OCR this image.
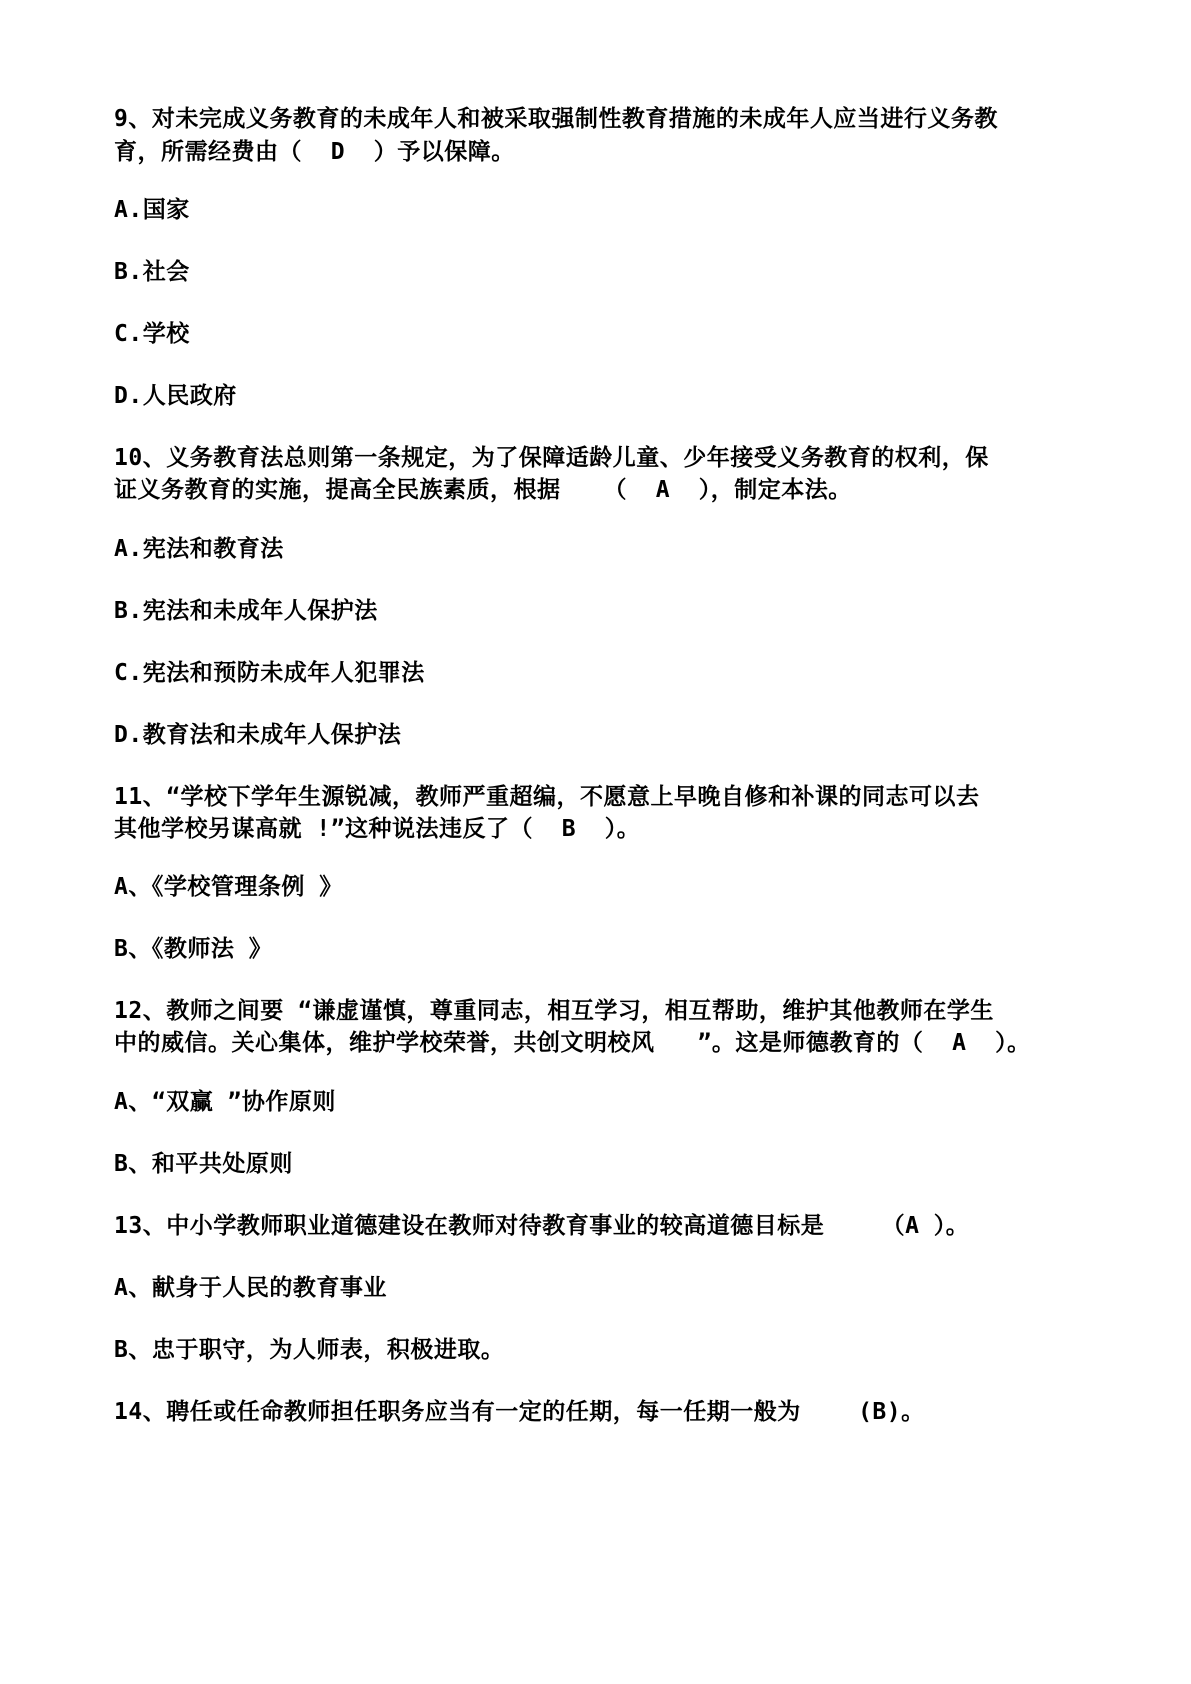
9、对未完成义务教育的未成年人和被采取强制性教育措施的未成年人应当进行义务教

育，所需经费由（  D  ）予以保障。

A.国家

B.社会

C.学校

D.人民政府

10、义务教育法总则第一条规定，为了保障适龄儿童、少年接受义务教育的权利，保

证义务教育的实施，提高全民族素质，根据   （  A  ），制定本法。

A.宪法和教育法

B.宪法和未成年人保护法

C.宪法和预防未成年人犯罪法

D.教育法和未成年人保护法

11、“学校下学年生源锐减，教师严重超编，不愿意上早晚自修和补课的同志可以去

其他学校另谋高就 !”这种说法违反了（  B  ）。

A、《学校管理条例 》

B、《教师法 》

12、教师之间要 “谦虚谨慎，尊重同志，相互学习，相互帮助，维护其他教师在学生

中的威信。关心集体，维护学校荣誉，共创文明校风   ”。这是师德教育的（  A  ）。

A、“双赢 ”协作原则

B、和平共处原则

13、中小学教师职业道德建设在教师对待教育事业的较高道德目标是    （A ）。

A、献身于人民的教育事业

B、忠于职守，为人师表，积极进取。

14、聘任或任命教师担任职务应当有一定的任期，每一任期一般为    (B)。
